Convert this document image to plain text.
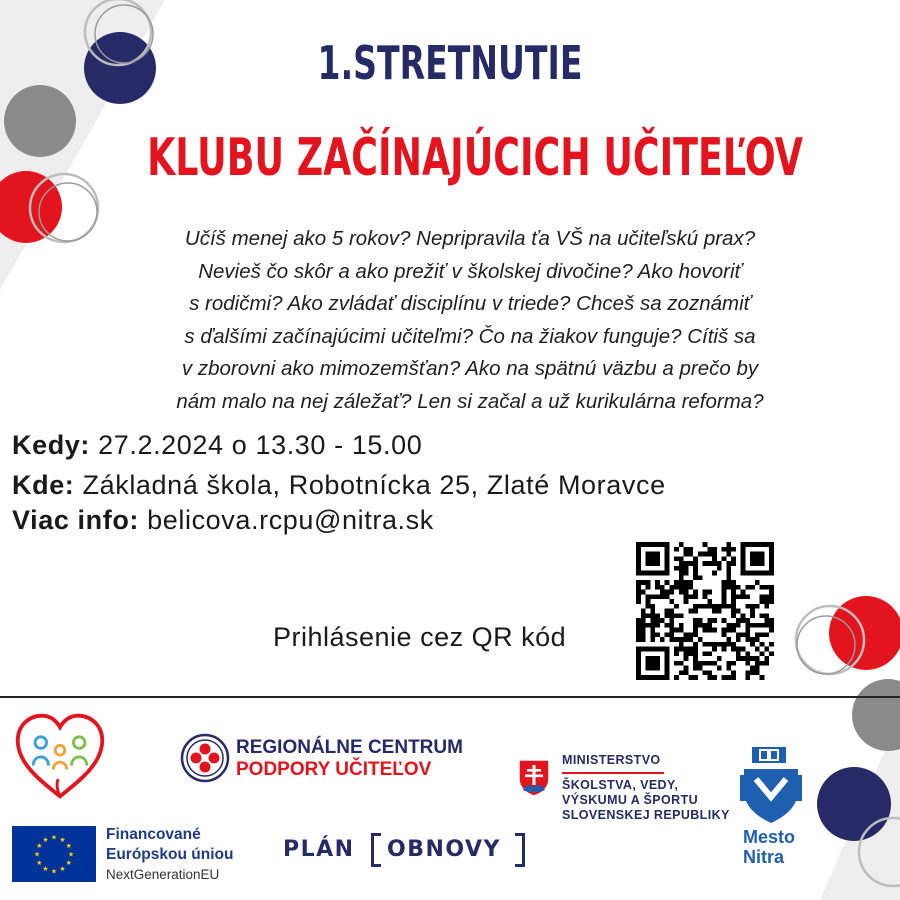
1.STRETNUTIE
KLUBU ZAČÍNAJÚCICH UČITEĽOV
Učíš menej ako 5 rokov? Nepripravila ťa VŠ na učiteľskú prax?
Nevieš čo skôr a ako prežiť v školskej divočine? Ako hovoriť
s rodičmi? Ako zvládať disciplínu v triede? Chceš sa zoznámiť
s ďalšími začínajúcimi učiteľmi? Čo na žiakov funguje? Cítiš sa
v zborovni ako mimozemšťan? Ako na spätnú väzbu a prečo by
nám malo na nej záležať? Len si začal a už kurikulárna reforma?
Kedy: 27.2.2024 o 13.30 - 15.00
Kde: Základná škola, Robotnícka 25, Zlaté Moravce
Viac info: belicova.rcpu@nitra.sk
Prihlásenie cez QR kód
REGIONÁLNE CENTRUM
PODPORY UČITEĽOV	MINISTERSTVO
ŠKOLSTVA, VEDY,
VÝSKUMU A ŠPORTU
SLOVENSKEJ REPUBLIKY
Mesto
Nitra
★
★
★
★
★
★
★
★
★ ★ ★
★
Financované
Európskou úniou
NextGenerationEU
PLÁN OBNOVY
